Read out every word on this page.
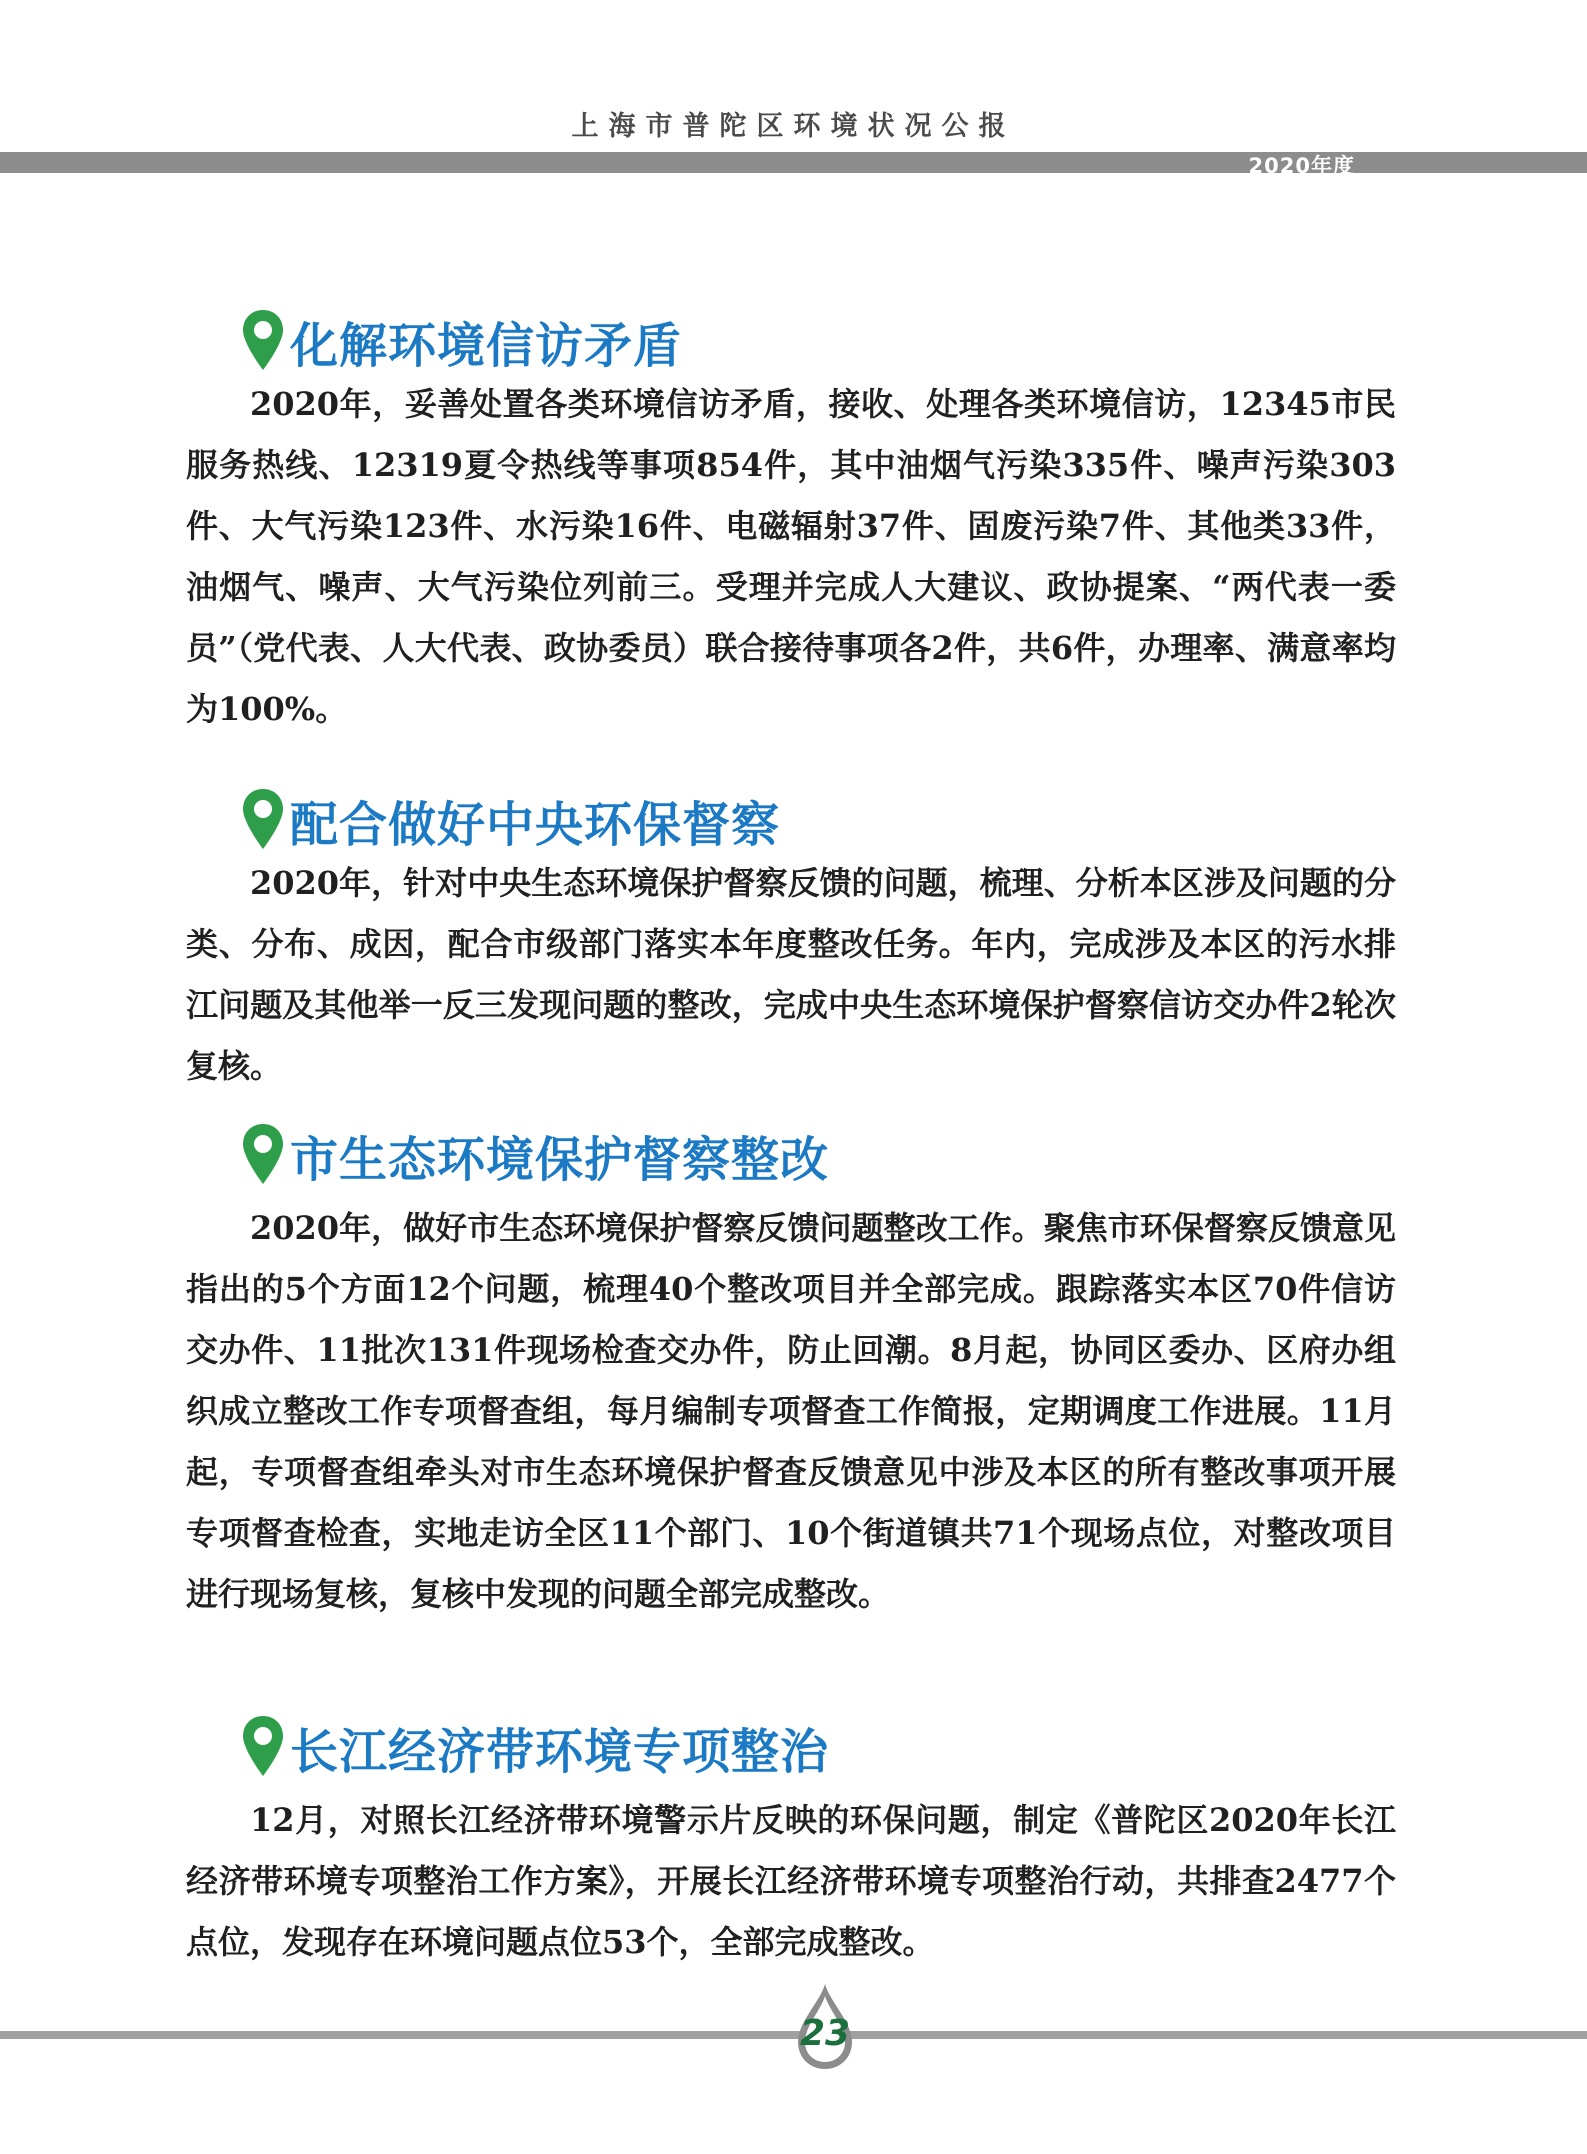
上海市普陀区环境状况公报
2020年度
化解环境信访矛盾
2020年，妥善处置各类环境信访矛盾，接收、处理各类环境信访，12345市民服务热线、12319夏令热线等事项854件，其中油烟气污染335件、噪声污染303件、大气污染123件、水污染16件、电磁辐射37件、固废污染7件、其他类33件，油烟气、噪声、大气污染位列前三。受理并完成人大建议、政协提案、“两代表一委员”（党代表、人大代表、政协委员）联合接待事项各2件，共6件，办理率、满意率均为100%。
配合做好中央环保督察
2020年，针对中央生态环境保护督察反馈的问题，梳理、分析本区涉及问题的分类、分布、成因，配合市级部门落实本年度整改任务。年内，完成涉及本区的污水排江问题及其他举一反三发现问题的整改，完成中央生态环境保护督察信访交办件2轮次复核。
市生态环境保护督察整改
2020年，做好市生态环境保护督察反馈问题整改工作。聚焦市环保督察反馈意见指出的5个方面12个问题，梳理40个整改项目并全部完成。跟踪落实本区70件信访交办件、11批次131件现场检查交办件，防止回潮。8月起，协同区委办、区府办组织成立整改工作专项督查组，每月编制专项督查工作简报，定期调度工作进展。11月起，专项督查组牵头对市生态环境保护督查反馈意见中涉及本区的所有整改事项开展专项督查检查，实地走访全区11个部门、10个街道镇共71个现场点位，对整改项目进行现场复核，复核中发现的问题全部完成整改。
长江经济带环境专项整治
12月，对照长江经济带环境警示片反映的环保问题，制定《普陀区2020年长江经济带环境专项整治工作方案》，开展长江经济带环境专项整治行动，共排查2477个点位，发现存在环境问题点位53个，全部完成整改。
23
